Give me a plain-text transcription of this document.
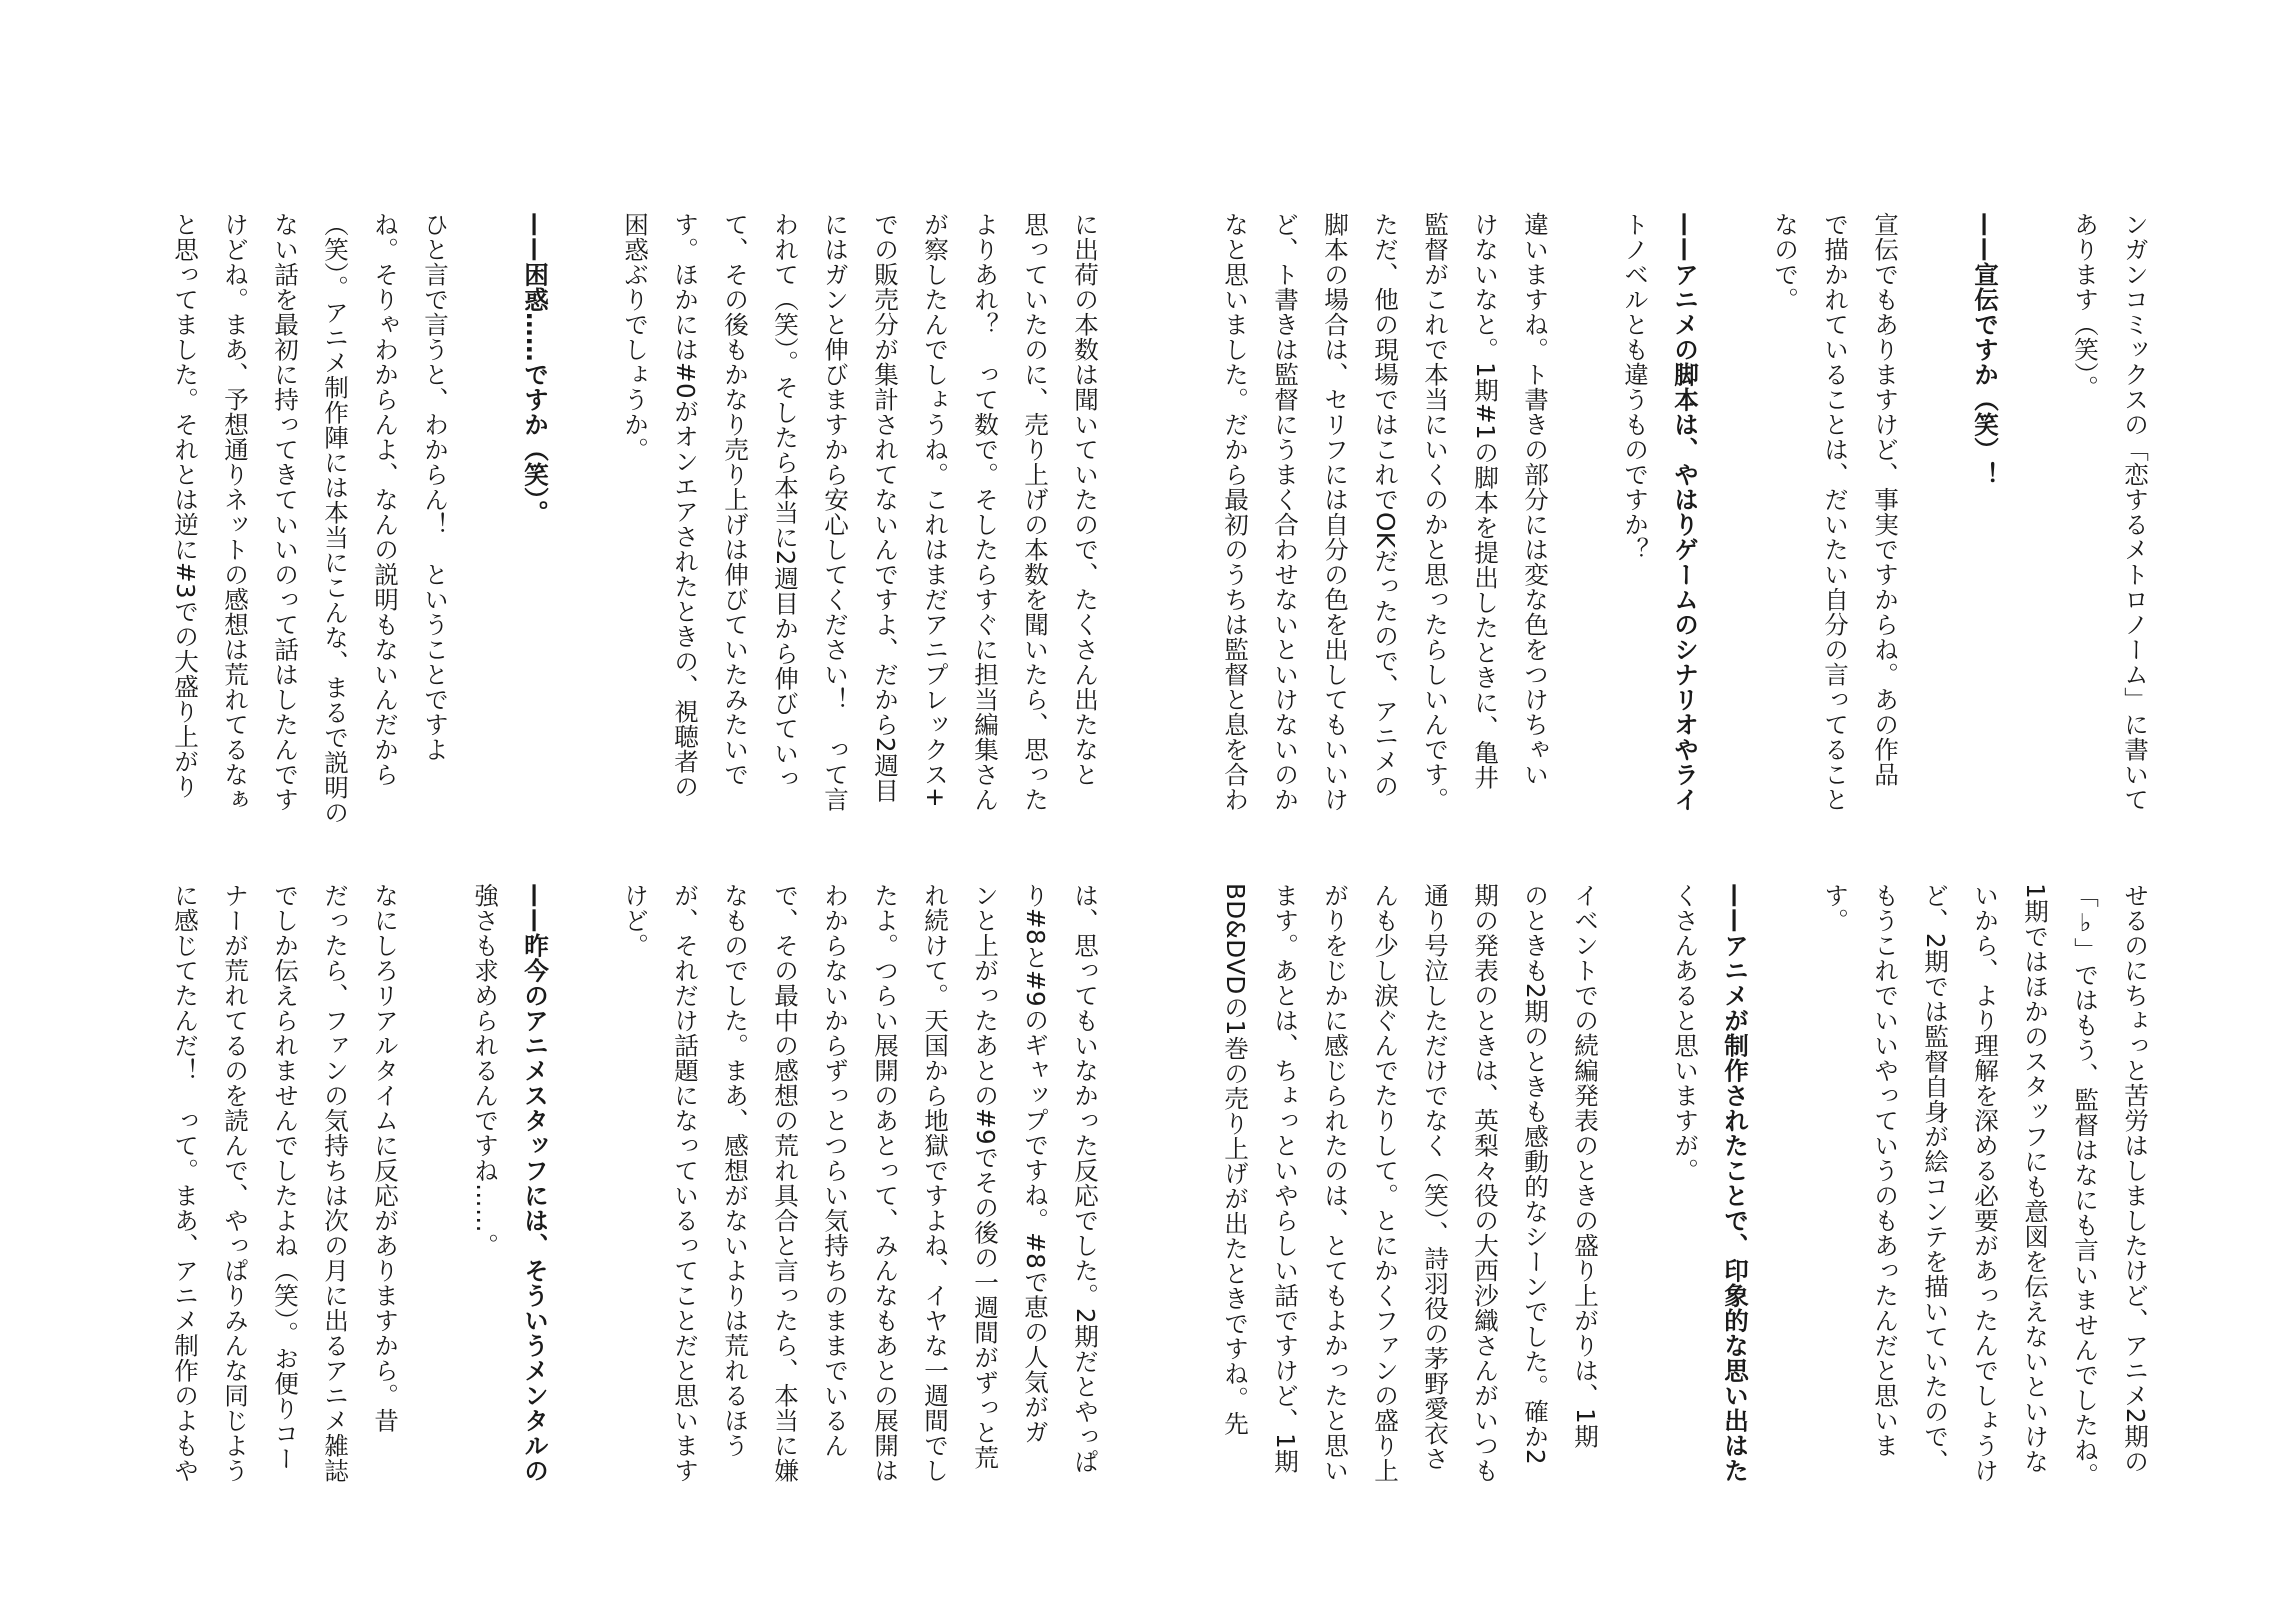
ンガンコミックスの「恋するメトロノーム」に書いて
あります（笑）。

——宣伝ですか（笑）！

宣伝でもありますけど、事実ですからね。あの作品
で描かれていることは、だいたい自分の言ってること
なので。

——アニメの脚本は、やはりゲームのシナリオやライ
トノベルとも違うものですか？

違いますね。ト書きの部分には変な色をつけちゃい
けないなと。1期#1の脚本を提出したときに、亀井
監督がこれで本当にいくのかと思ったらしいんです。
ただ、他の現場ではこれでOKだったので、アニメの
脚本の場合は、セリフには自分の色を出してもいいけ
ど、ト書きは監督にうまく合わせないといけないのか
なと思いました。だから最初のうちは監督と息を合わ

に出荷の本数は聞いていたので、たくさん出たなと
思っていたのに、売り上げの本数を聞いたら、思った
よりあれ？　って数で。そしたらすぐに担当編集さん
が察したんでしょうね。これはまだアニプレックス+
での販売分が集計されてないんですよ、だから2週目
にはガンと伸びますから安心してください！　って言
われて（笑）。そしたら本当に2週目から伸びていっ
て、その後もかなり売り上げは伸びていたみたいで
す。ほかには#0がオンエアされたときの、視聴者の
困惑ぶりでしょうか。

——困惑……ですか（笑）。

ひと言で言うと、わからん！　ということですよ
ね。そりゃわからんよ、なんの説明もないんだから
（笑）。アニメ制作陣には本当にこんな、まるで説明の
ない話を最初に持ってきていいのって話はしたんです
けどね。まあ、予想通りネットの感想は荒れてるなぁ
と思ってました。それとは逆に#3での大盛り上がり
せるのにちょっと苦労はしましたけど、アニメ2期の
「♭」ではもう、監督はなにも言いませんでしたね。
1期ではほかのスタッフにも意図を伝えないといけな
いから、より理解を深める必要があったんでしょうけ
ど、2期では監督自身が絵コンテを描いていたので、
もうこれでいいやっていうのもあったんだと思いま
す。

——アニメが制作されたことで、印象的な思い出はた
くさんあると思いますが。

イベントでの続編発表のときの盛り上がりは、1期
のときも2期のときも感動的なシーンでした。確か2
期の発表のときは、英梨々役の大西沙織さんがいつも
通り号泣しただけでなく（笑）、詩羽役の茅野愛衣さ
んも少し涙ぐんでたりして。とにかくファンの盛り上
がりをじかに感じられたのは、とてもよかったと思い
ます。あとは、ちょっといやらしい話ですけど、1期
BD&DVDの1巻の売り上げが出たときですね。先

は、思ってもいなかった反応でした。2期だとやっぱ
り#8と#9のギャップですね。#8で恵の人気がガ
ンと上がったあとの#9でその後の一週間がずっと荒
れ続けて。天国から地獄ですよね、イヤな一週間でし
たよ。つらい展開のあとって、みんなもあとの展開は
わからないからずっとつらい気持ちのままでいるん
で、その最中の感想の荒れ具合と言ったら、本当に嫌
なものでした。まあ、感想がないよりは荒れるほう
が、それだけ話題になっているってことだと思います
けど。

——昨今のアニメスタッフには、そういうメンタルの
強さも求められるんですね……。

なにしろリアルタイムに反応がありますから。昔
だったら、ファンの気持ちは次の月に出るアニメ雑誌
でしか伝えられませんでしたよね（笑）。お便りコー
ナーが荒れてるのを読んで、やっぱりみんな同じよう
に感じてたんだ！　って。まあ、アニメ制作のよもや
